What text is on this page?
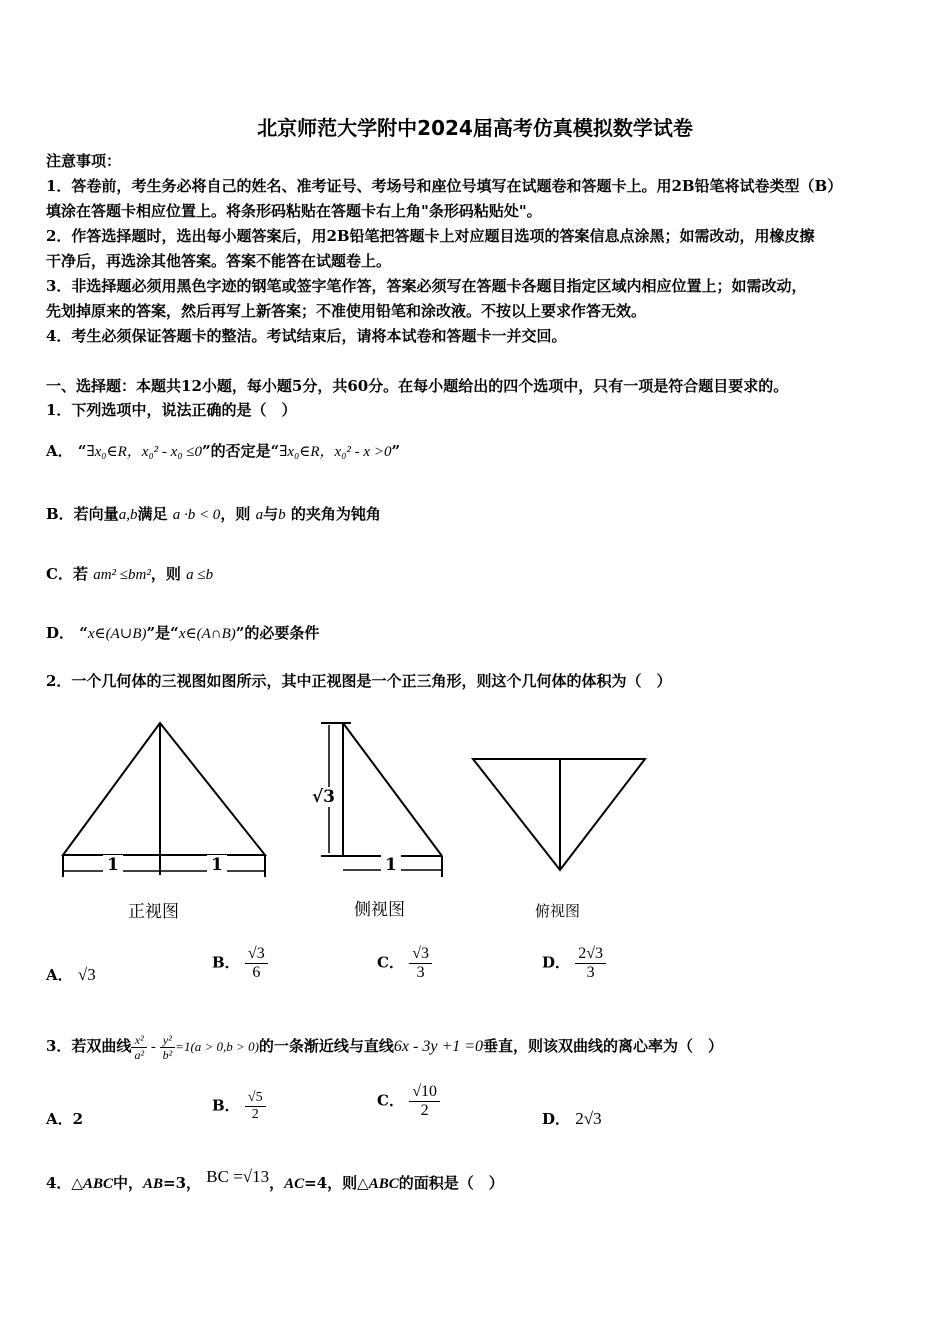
北京师范大学附中2024届高考仿真模拟数学试卷
注意事项：
1．答卷前，考生务必将自己的姓名、准考证号、考场号和座位号填写在试题卷和答题卡上。用2B铅笔将试卷类型（B）
填涂在答题卡相应位置上。将条形码粘贴在答题卡右上角"条形码粘贴处"。
2．作答选择题时，选出每小题答案后，用2B铅笔把答题卡上对应题目选项的答案信息点涂黑；如需改动，用橡皮擦
干净后，再选涂其他答案。答案不能答在试题卷上。
3．非选择题必须用黑色字迹的钢笔或签字笔作答，答案必须写在答题卡各题目指定区域内相应位置上；如需改动，
先划掉原来的答案，然后再写上新答案；不准使用铅笔和涂改液。不按以上要求作答无效。
4．考生必须保证答题卡的整洁。考试结束后，请将本试卷和答题卡一并交回。
一、选择题：本题共12小题，每小题5分，共60分。在每小题给出的四个选项中，只有一项是符合题目要求的。
1．下列选项中，说法正确的是（　）
A． “∃x₀∈R，x₀² - x₀ ≤0”的否定是“∃x₀∈R，x₀² - x >0”
B．若向量a,b满足 a ·b < 0，则 a与b 的夹角为钝角
C．若 am² ≤bm²，则 a ≤b
D． “x∈(A∪B)”是“x∈(A∩B)”的必要条件
2．一个几何体的三视图如图所示，其中正视图是一个正三角形，则这个几何体的体积为（　）
1	1
√3
1
正视图	侧视图	俯视图
A． √3
B． $\frac{√3}{6}$	C． $\frac{√3}{3}$	D． $\frac{2√3}{3}$
3．若双曲线 $\frac{\text{x²}}{\text{a²}} - \frac{\text{y²}}{\text{b²}} =1(a > 0,b > 0)$的一条渐近线与直线6x - 3y +1 =0垂直，则该双曲线的离心率为（　）
A．2
B． $\frac{√5}{2}$	C． $\frac{√10}{2}$	D． 2√3
4．△ABC中，AB=3， BC =√13，AC=4，则△ABC的面积是（　）
